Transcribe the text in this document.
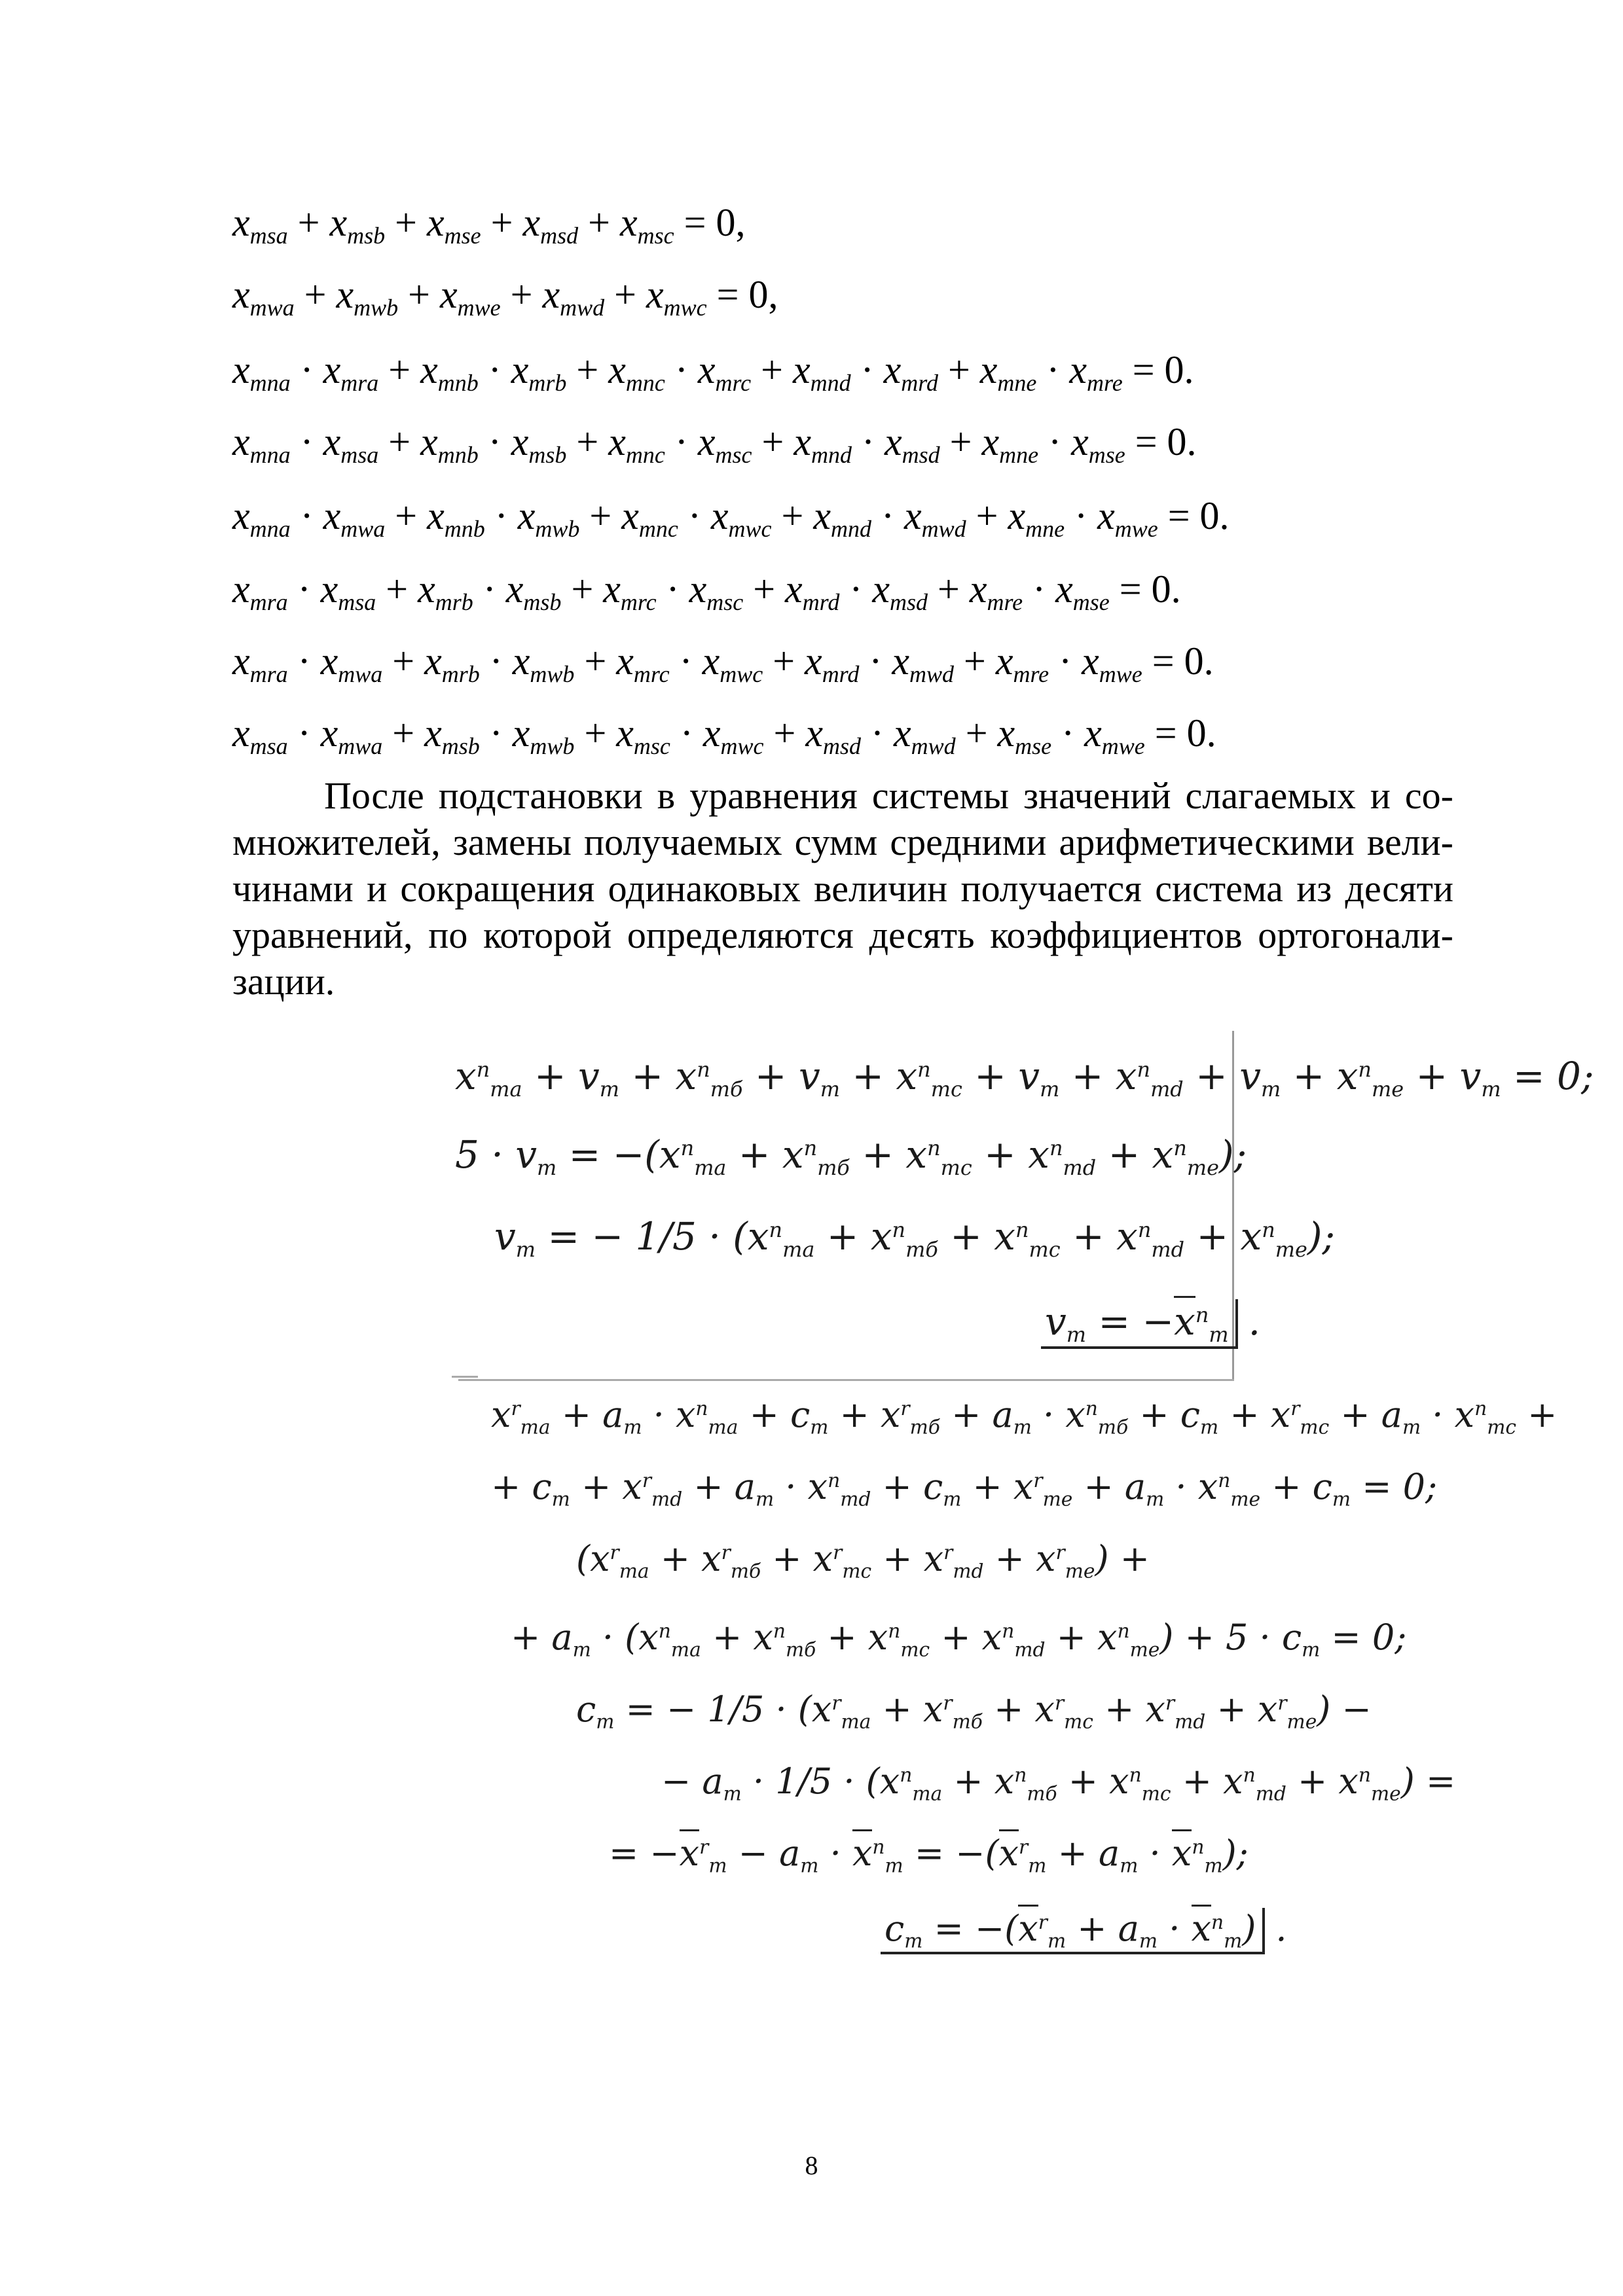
$x_{msa} + x_{msb} + x_{mse} + x_{msd} + x_{msc} = 0$,
$x_{mwa} + x_{mwb} + x_{mwe} + x_{mwd} + x_{mwc} = 0$,
$x_{mna} \cdot x_{mra} + x_{mnb} \cdot x_{mrb} + x_{mnc} \cdot x_{mrc} + x_{mnd} \cdot x_{mrd} + x_{mne} \cdot x_{mre} = 0$.
$x_{mna} \cdot x_{msa} + x_{mnb} \cdot x_{msb} + x_{mnc} \cdot x_{msc} + x_{mnd} \cdot x_{msd} + x_{mne} \cdot x_{mse} = 0$.
$x_{mna} \cdot x_{mwa} + x_{mnb} \cdot x_{mwb} + x_{mnc} \cdot x_{mwc} + x_{mnd} \cdot x_{mwd} + x_{mne} \cdot x_{mwe} = 0$.
$x_{mra} \cdot x_{msa} + x_{mrb} \cdot x_{msb} + x_{mrc} \cdot x_{msc} + x_{mrd} \cdot x_{msd} + x_{mre} \cdot x_{mse} = 0$.
$x_{mra} \cdot x_{mwa} + x_{mrb} \cdot x_{mwb} + x_{mrc} \cdot x_{mwc} + x_{mrd} \cdot x_{mwd} + x_{mre} \cdot x_{mwe} = 0$.
$x_{msa} \cdot x_{mwa} + x_{msb} \cdot x_{mwb} + x_{msc} \cdot x_{mwc} + x_{msd} \cdot x_{mwd} + x_{mse} \cdot x_{mwe} = 0$.
После подстановки в уравнения системы значений слагаемых и со-
множителей, замены получаемых сумм средними арифметическими вели-
чинами и сокращения одинаковых величин получается система из десяти
уравнений, по которой определяются десять коэффициентов ортогонали-
зации.
$x^n_{ma} + v_m + x^n_{mб} + v_m + x^n_{mc} + v_m + x^n_{md} + v_m + x^n_{me} + v_m = 0$;
$5 \cdot v_m = -(x^n_{ma} + x^n_{mб} + x^n_{mc} + x^n_{md} + x^n_{me})$;
$v_m$ = − $1/5 \cdot (x^n_{ma} + x^n_{mб} + x^n_{mc} + x^n_{md} + x^n_{me})$;
$v_m = -x^n_m$ .
$x^r_{ma} + a_m \cdot x^n_{ma} + c_m + x^r_{mб} + a_m \cdot x^n_{mб} + c_m + x^r_{mc} + a_m \cdot x^n_{mc}$ +
+ $c_m + x^r_{md} + a_m \cdot x^n_{md} + c_m + x^r_{me} + a_m \cdot x^n_{me} + c_m = 0$;
$(x^r_{ma} + x^r_{mб} + x^r_{mc} + x^r_{md} + x^r_{me})$ +
+ $a_m \cdot (x^n_{ma} + x^n_{mб} + x^n_{mc} + x^n_{md} + x^n_{me}) + 5 \cdot c_m = 0$;
$c_m$ = − $1/5 \cdot (x^r_{ma} + x^r_{mб} + x^r_{mc} + x^r_{md} + x^r_{me})$ −
− $a_m \cdot 1/5 \cdot (x^n_{ma} + x^n_{mб} + x^n_{mc} + x^n_{md} + x^n_{me})$ =
= $-x^r_m - a_m \cdot x^n_m = -(x^r_m + a_m \cdot x^n_m)$;
$c_m = -(x^r_m + a_m \cdot x^n_m)$ .
8
